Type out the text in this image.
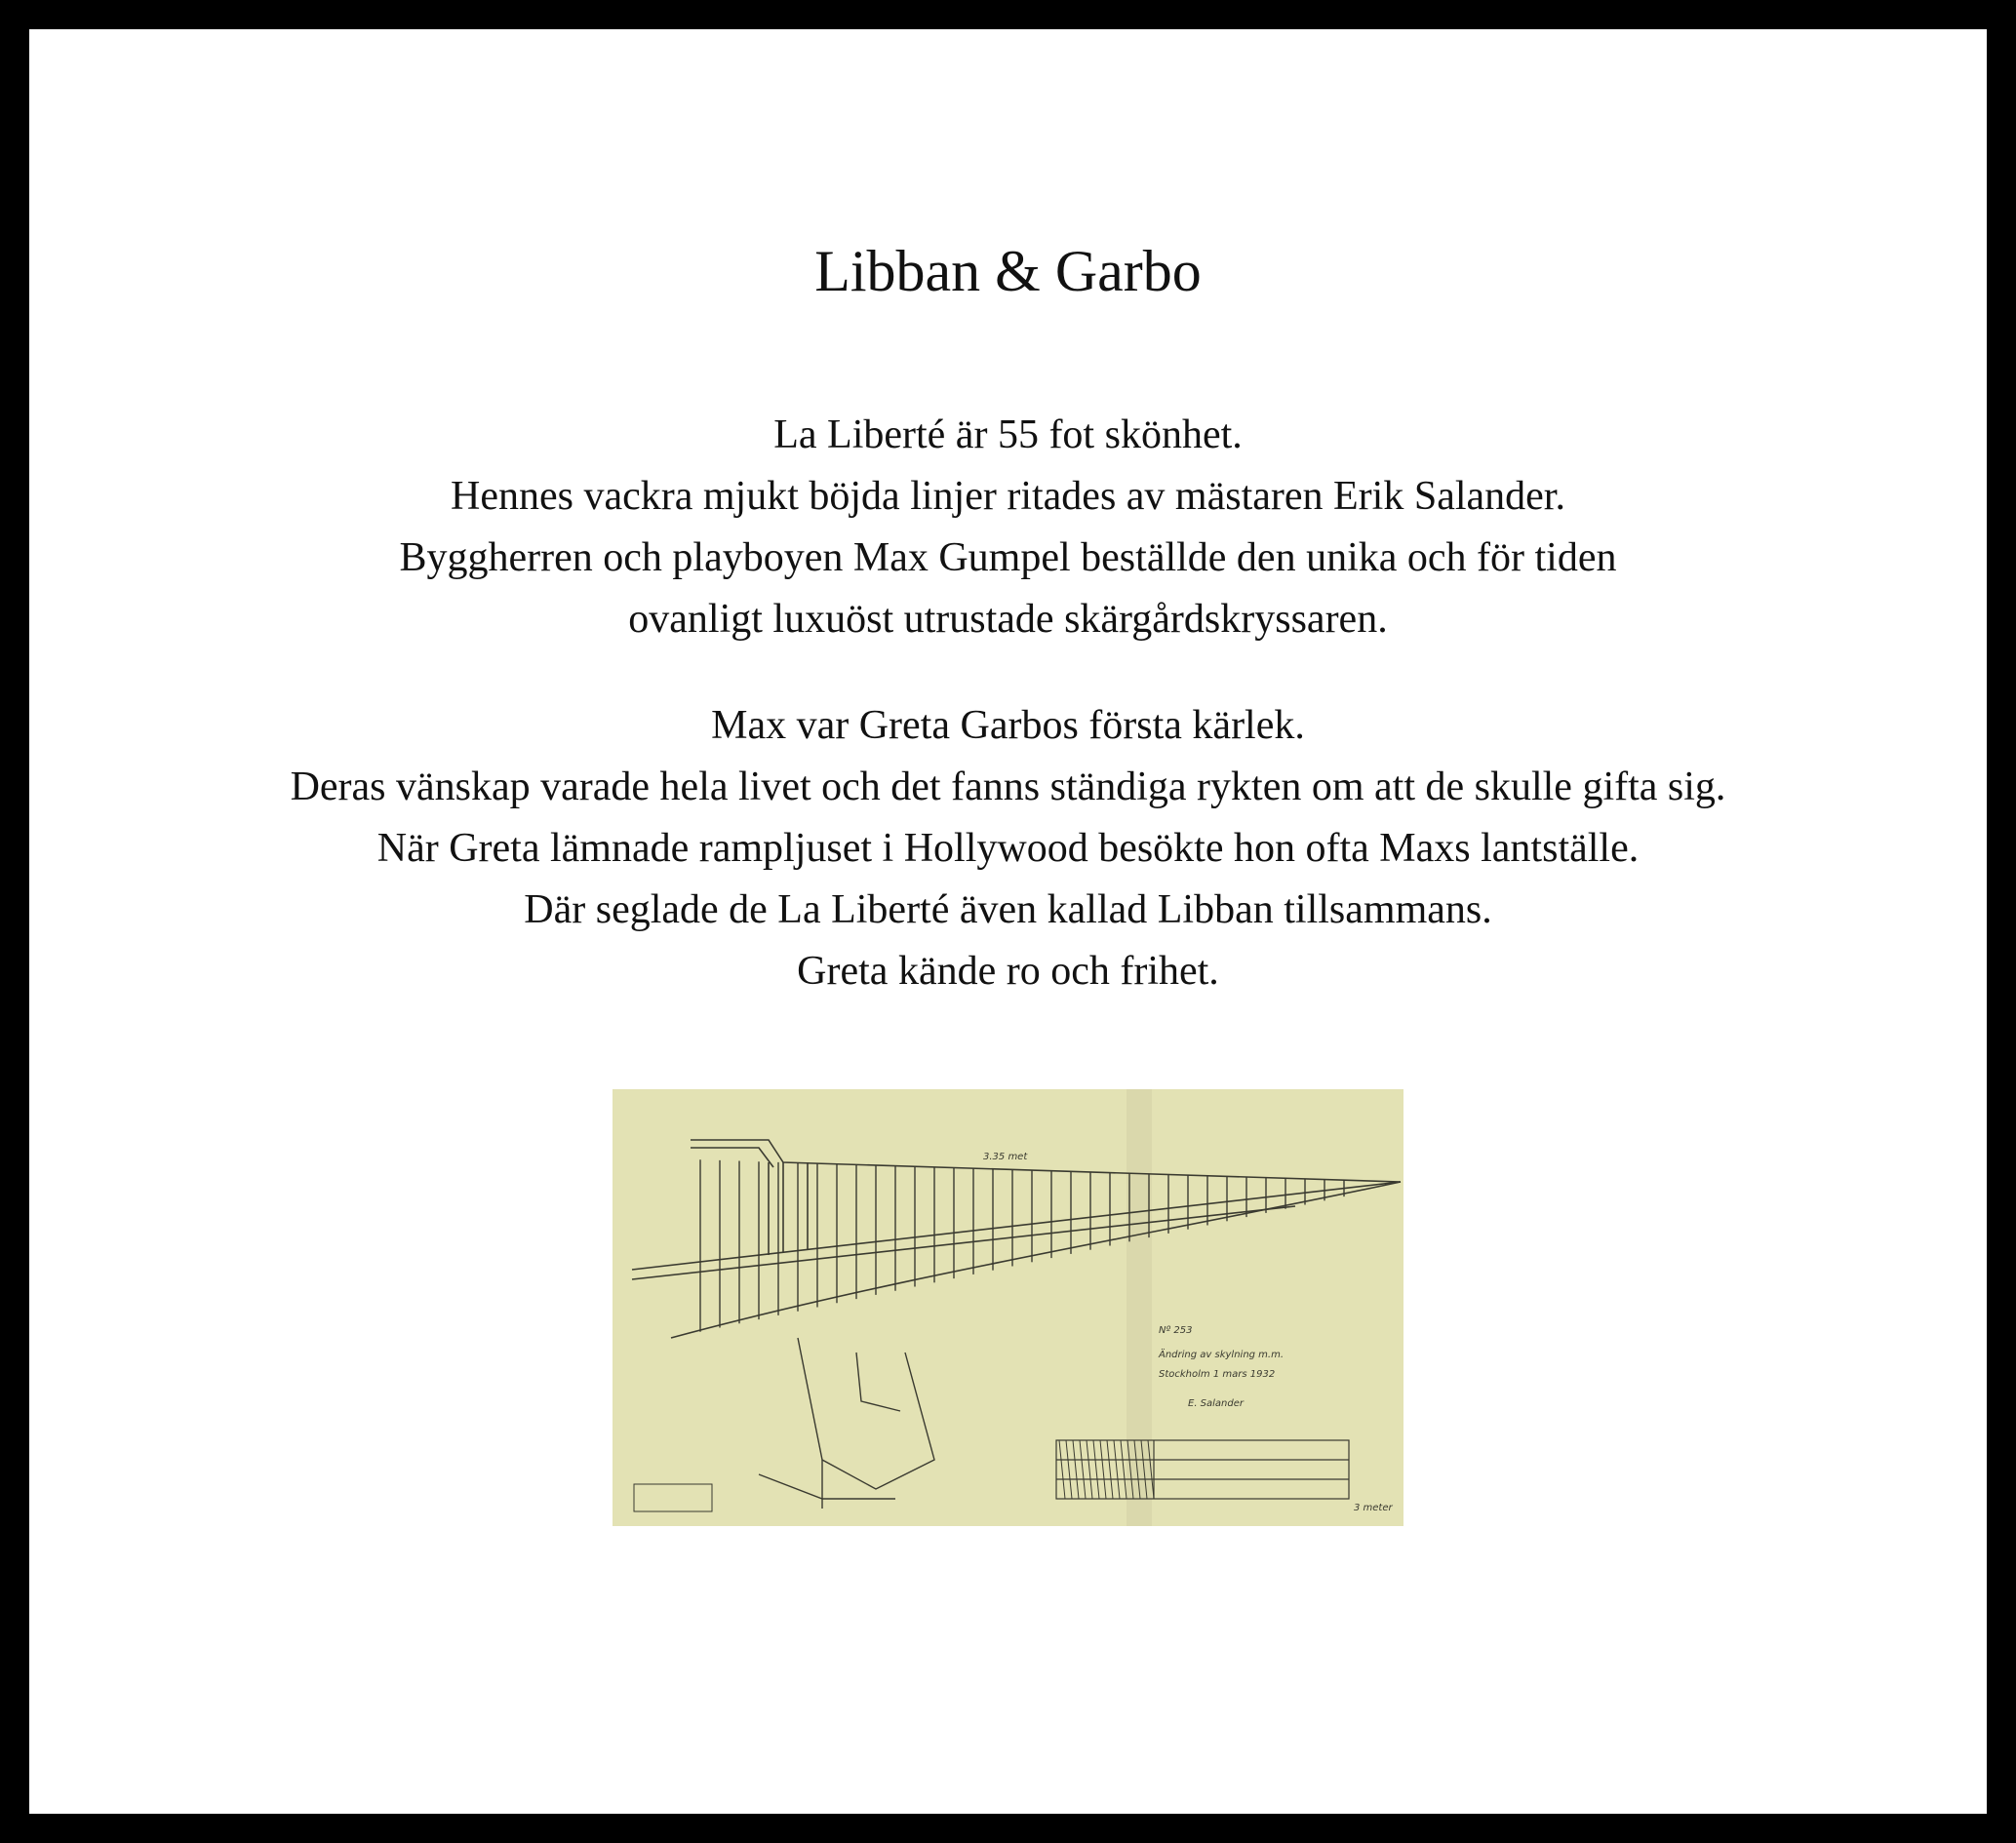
Libban & Garbo
La Liberté är 55 fot skönhet.
Hennes vackra mjukt böjda linjer ritades av mästaren Erik Salander.
Byggherren och playboyen Max Gumpel beställde den unika och för tiden
ovanligt luxuöst utrustade skärgårdskryssaren.
Max var Greta Garbos första kärlek.
Deras vänskap varade hela livet och det fanns ständiga rykten om att de skulle gifta sig.
När Greta lämnade rampljuset i Hollywood besökte hon ofta Maxs lantställe.
Där seglade de La Liberté även kallad Libban tillsammans.
Greta kände ro och frihet.
3.35 met
Nº 253
Ändring av skylning m.m.
Stockholm 1 mars 1932
E. Salander
3 meter
